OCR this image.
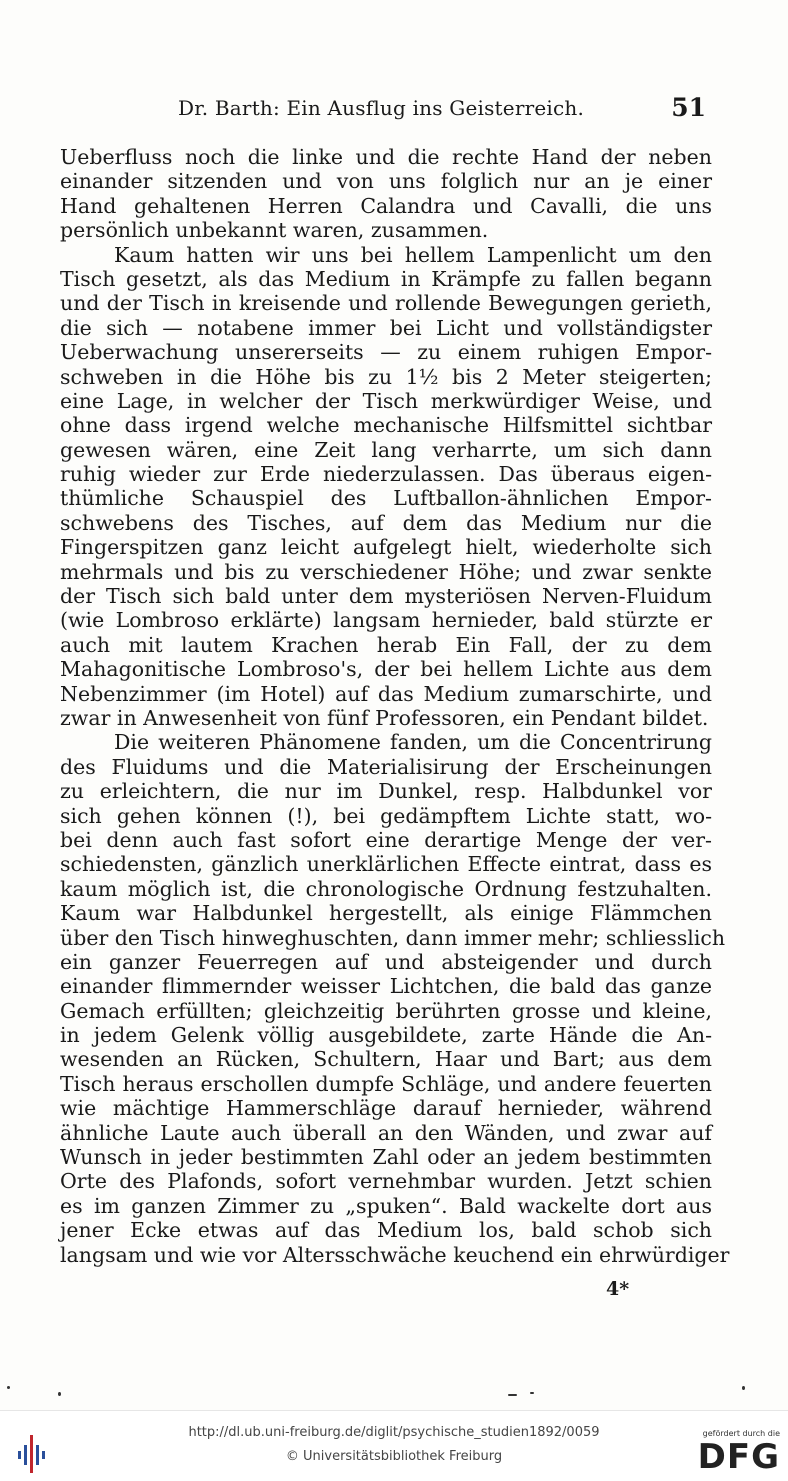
Dr. Barth: Ein Ausflug ins Geisterreich.	51
Ueberfluss noch die linke und die rechte Hand der neben
einander sitzenden und von uns folglich nur an je einer
Hand gehaltenen Herren Calandra und Cavalli, die uns
persönlich unbekannt waren, zusammen.
Kaum hatten wir uns bei hellem Lampenlicht um den
Tisch gesetzt, als das Medium in Krämpfe zu fallen begann
und der Tisch in kreisende und rollende Bewegungen gerieth,
die sich — notabene immer bei Licht und vollständigster
Ueberwachung unsererseits — zu einem ruhigen Empor-
schweben in die Höhe bis zu 1½ bis 2 Meter steigerten;
eine Lage, in welcher der Tisch merkwürdiger Weise, und
ohne dass irgend welche mechanische Hilfsmittel sichtbar
gewesen wären, eine Zeit lang verharrte, um sich dann
ruhig wieder zur Erde niederzulassen. Das überaus eigen-
thümliche Schauspiel des Luftballon-ähnlichen Empor-
schwebens des Tisches, auf dem das Medium nur die
Fingerspitzen ganz leicht aufgelegt hielt, wiederholte sich
mehrmals und bis zu verschiedener Höhe; und zwar senkte
der Tisch sich bald unter dem mysteriösen Nerven-Fluidum
(wie Lombroso erklärte) langsam hernieder, bald stürzte er
auch mit lautem Krachen herab Ein Fall, der zu dem
Mahagonitische Lombroso's, der bei hellem Lichte aus dem
Nebenzimmer (im Hotel) auf das Medium zumarschirte, und
zwar in Anwesenheit von fünf Professoren, ein Pendant bildet.
Die weiteren Phänomene fanden, um die Concentrirung
des Fluidums und die Materialisirung der Erscheinungen
zu erleichtern, die nur im Dunkel, resp. Halbdunkel vor
sich gehen können (!), bei gedämpftem Lichte statt, wo-
bei denn auch fast sofort eine derartige Menge der ver-
schiedensten, gänzlich unerklärlichen Effecte eintrat, dass es
kaum möglich ist, die chronologische Ordnung festzuhalten.
Kaum war Halbdunkel hergestellt, als einige Flämmchen
über den Tisch hinweghuschten, dann immer mehr; schliesslich
ein ganzer Feuerregen auf und absteigender und durch
einander flimmernder weisser Lichtchen, die bald das ganze
Gemach erfüllten; gleichzeitig berührten grosse und kleine,
in jedem Gelenk völlig ausgebildete, zarte Hände die An-
wesenden an Rücken, Schultern, Haar und Bart; aus dem
Tisch heraus erschollen dumpfe Schläge, und andere feuerten
wie mächtige Hammerschläge darauf hernieder, während
ähnliche Laute auch überall an den Wänden, und zwar auf
Wunsch in jeder bestimmten Zahl oder an jedem bestimmten
Orte des Plafonds, sofort vernehmbar wurden. Jetzt schien
es im ganzen Zimmer zu „spuken“. Bald wackelte dort aus
jener Ecke etwas auf das Medium los, bald schob sich
langsam und wie vor Altersschwäche keuchend ein ehrwürdiger
4*
http://dl.ub.uni-freiburg.de/diglit/psychische_studien1892/0059
© Universitätsbibliothek Freiburg
gefördert durch die
DFG
